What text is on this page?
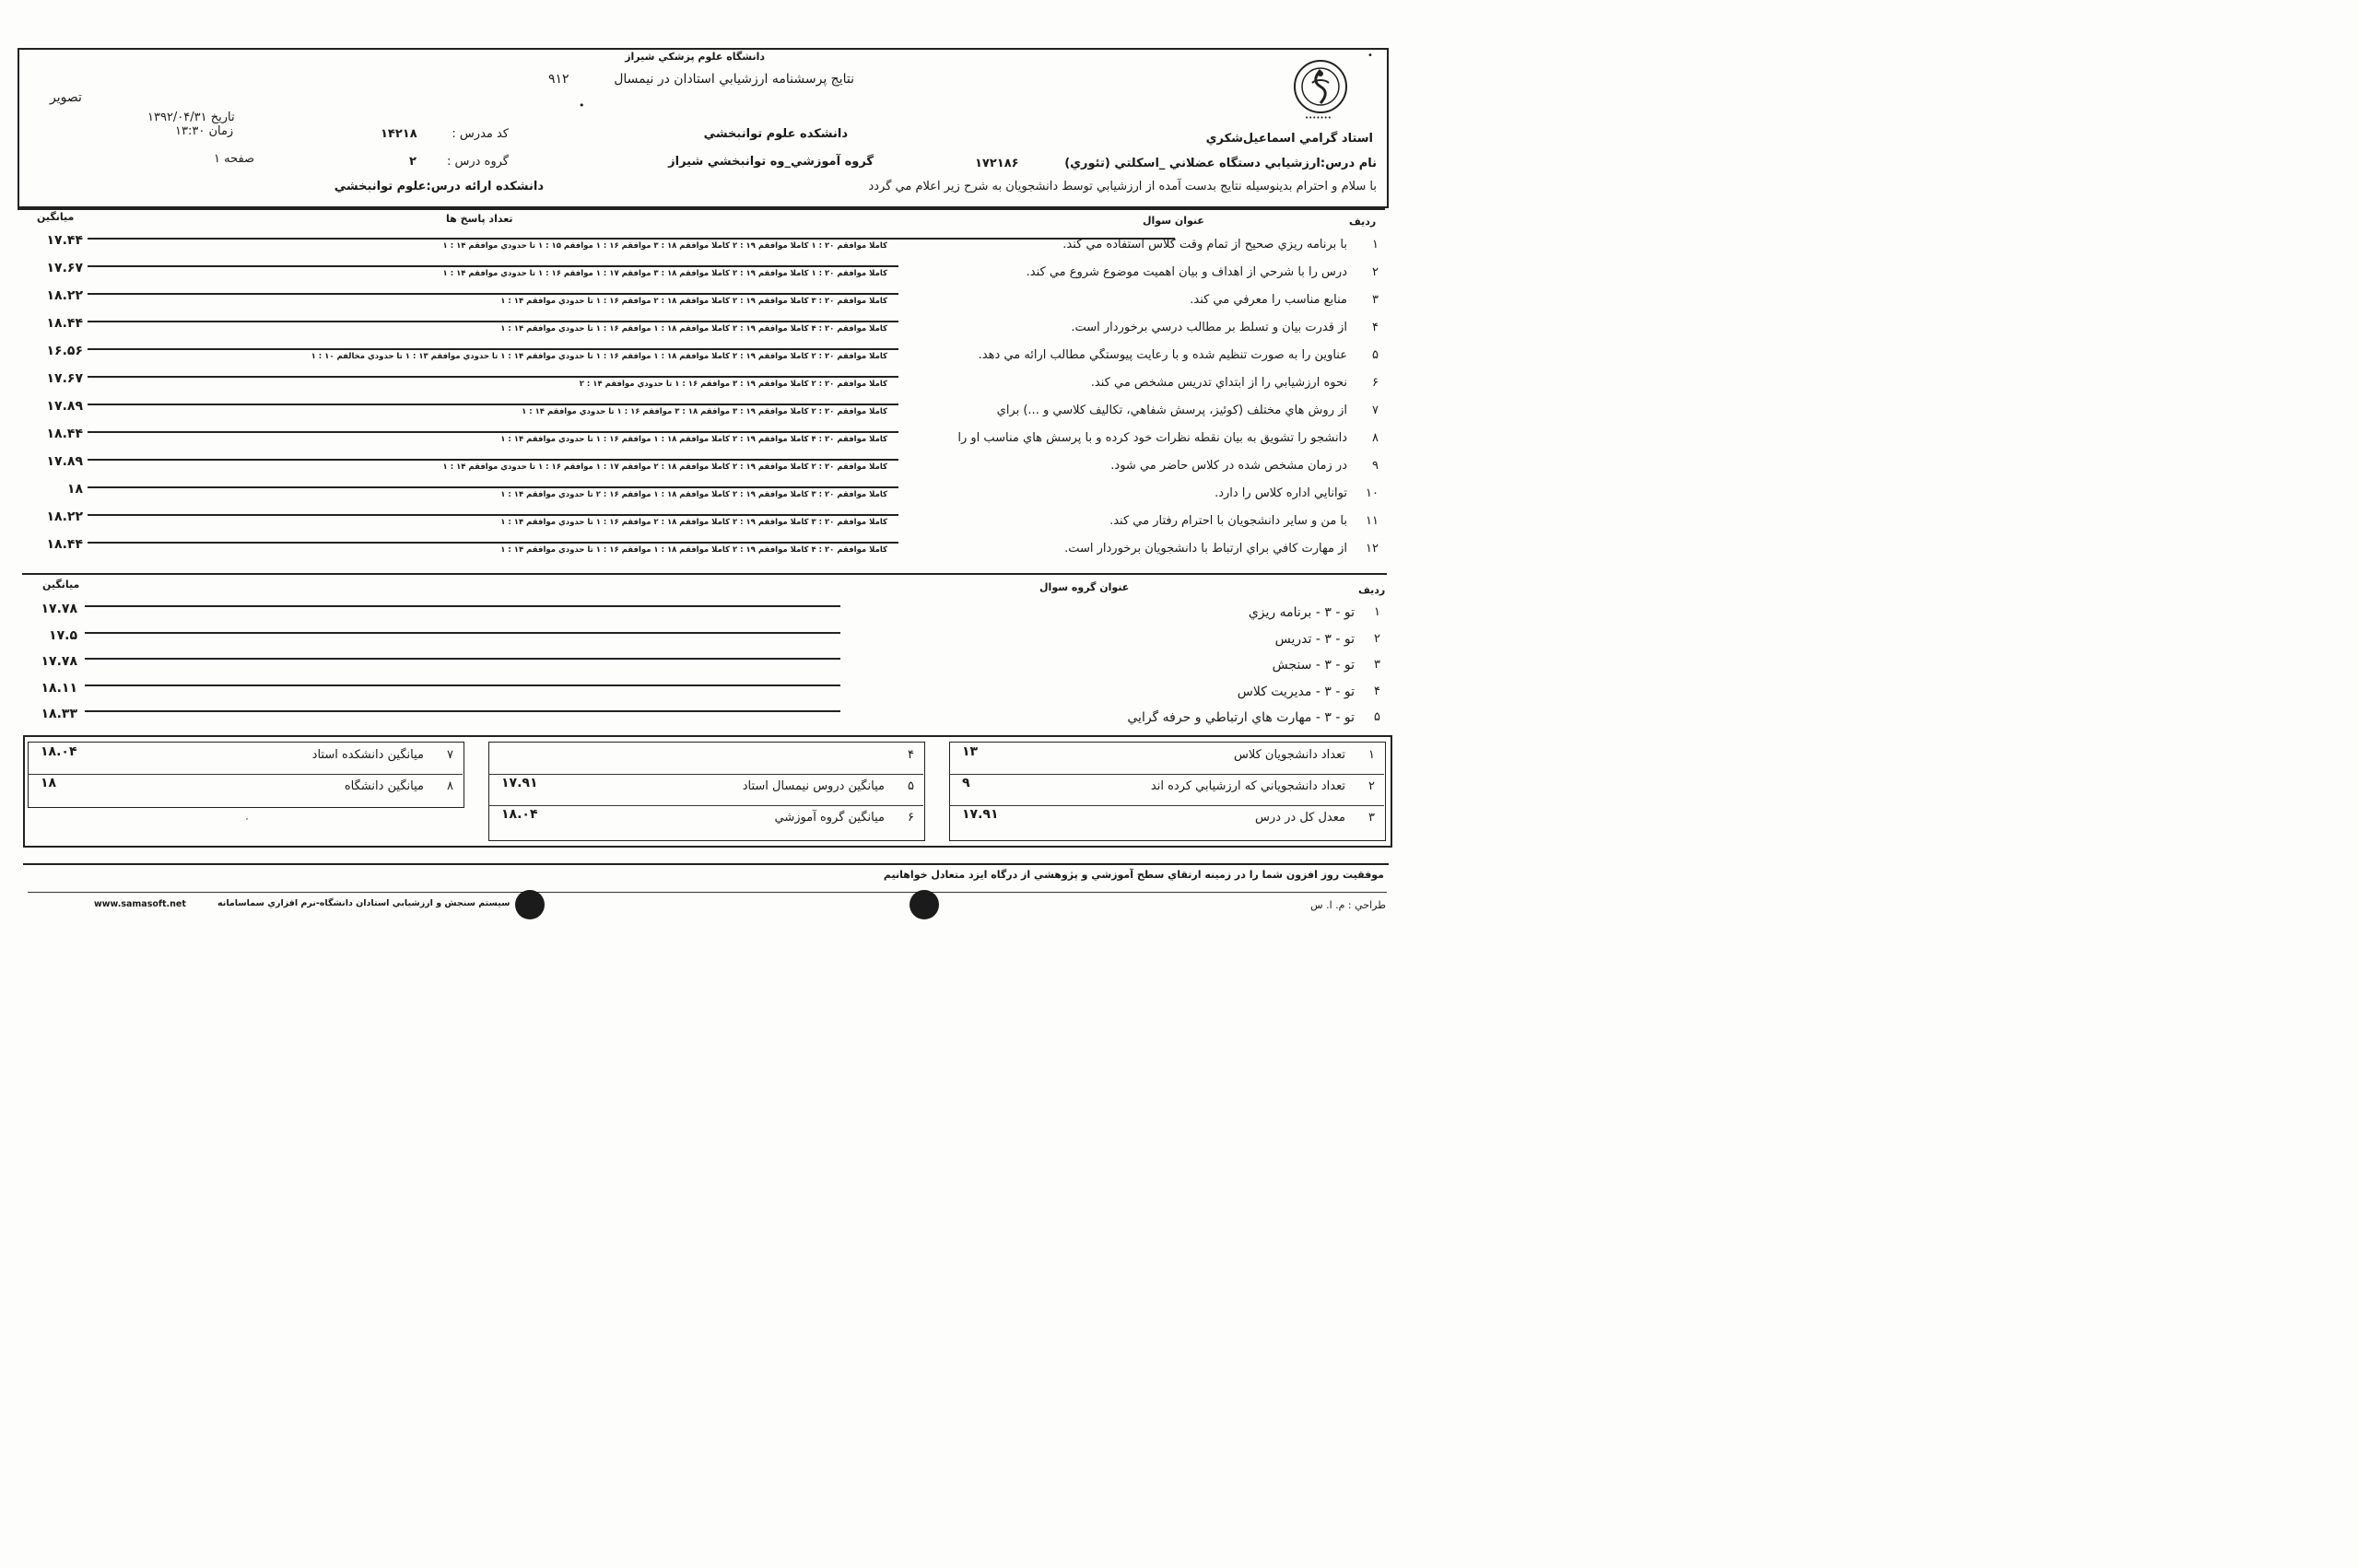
•••••••
•
دانشگاه علوم پزشكي شيراز
نتايج پرسشنامه ارزشيابي استادان در نيمسال
۹۱۲
•
تصوير
تاريخ ۱۳۹۲/۰۴/۳۱
زمان ۱۳:۳۰
صفحه ۱
كد مدرس :
۱۴۲۱۸
گروه درس :
۲
دانشكده ارائه درس:علوم توانبخشي
دانشكده علوم توانبخشي
گروه آموزشي_وه توانبخشي شيراز
استاد گرامي اسماعيل‌شكري
نام درس:ارزشيابي دستگاه عضلاني _اسكلتي (تئوري)
۱۷۲۱۸۶
با سلام و احترام بدينوسيله نتايج بدست آمده از ارزشيابي توسط دانشجويان به شرح زير اعلام مي گردد
ميانگين	تعداد پاسخ ها	عنوان سوال	رديف
۱۷.۴۴	كاملا موافقم ۲۰ : ۱ كاملا موافقم ۱۹ : ۲ كاملا موافقم ۱۸ : ۳ موافقم ۱۶ : ۱ موافقم ۱۵ : ۱ تا حدودي موافقم ۱۴ : ۱	با برنامه ريزي صحيح از تمام وقت كلاس استفاده مي كند.	۱
۱۷.۶۷	كاملا موافقم ۲۰ : ۱ كاملا موافقم ۱۹ : ۲ كاملا موافقم ۱۸ : ۳ موافقم ۱۷ : ۱ موافقم ۱۶ : ۱ تا حدودي موافقم ۱۴ : ۱	درس را با شرحي از اهداف و بيان اهميت موضوع شروع مي كند.	۲
۱۸.۲۲	كاملا موافقم ۲۰ : ۳ كاملا موافقم ۱۹ : ۲ كاملا موافقم ۱۸ : ۲ موافقم ۱۶ : ۱ تا حدودي موافقم ۱۴ : ۱	منابع مناسب را معرفي مي كند.	۳
۱۸.۴۴	كاملا موافقم ۲۰ : ۴ كاملا موافقم ۱۹ : ۲ كاملا موافقم ۱۸ : ۱ موافقم ۱۶ : ۱ تا حدودي موافقم ۱۴ : ۱	از قدرت بيان و تسلط بر مطالب درسي برخوردار است.	۴
۱۶.۵۶	كاملا موافقم ۲۰ : ۲ كاملا موافقم ۱۹ : ۲ كاملا موافقم ۱۸ : ۱ موافقم ۱۶ : ۱ تا حدودي موافقم ۱۴ : ۱ تا حدودي موافقم ۱۳ : ۱ تا حدودي مخالفم ۱۰ : ۱	عناوين را به صورت تنظيم شده و با رعايت پيوستگي مطالب ارائه مي دهد.	۵
۱۷.۶۷	كاملا موافقم ۲۰ : ۲ كاملا موافقم ۱۹ : ۳ موافقم ۱۶ : ۱ تا حدودي موافقم ۱۴ : ۲	نحوه ارزشيابي را از ابتداي تدريس مشخص مي كند.	۶
۱۷.۸۹	كاملا موافقم ۲۰ : ۲ كاملا موافقم ۱۹ : ۳ موافقم ۱۸ : ۳ موافقم ۱۶ : ۱ تا حدودي موافقم ۱۴ : ۱	از روش هاي مختلف (كوئيز، پرسش شفاهي، تكاليف كلاسي و ...) براي	۷
۱۸.۴۴	كاملا موافقم ۲۰ : ۴ كاملا موافقم ۱۹ : ۲ كاملا موافقم ۱۸ : ۱ موافقم ۱۶ : ۱ تا حدودي موافقم ۱۴ : ۱	دانشجو را تشويق به بيان نقطه نظرات خود كرده و با پرسش هاي مناسب او را	۸
۱۷.۸۹	كاملا موافقم ۲۰ : ۲ كاملا موافقم ۱۹ : ۲ كاملا موافقم ۱۸ : ۲ موافقم ۱۷ : ۱ موافقم ۱۶ : ۱ تا حدودي موافقم ۱۴ : ۱	در زمان مشخص شده در كلاس حاضر مي شود.	۹
۱۸	كاملا موافقم ۲۰ : ۳ كاملا موافقم ۱۹ : ۲ كاملا موافقم ۱۸ : ۱ موافقم ۱۶ : ۲ تا حدودي موافقم ۱۴ : ۱	توانايي اداره كلاس را دارد.	۱۰
۱۸.۲۲	كاملا موافقم ۲۰ : ۳ كاملا موافقم ۱۹ : ۲ كاملا موافقم ۱۸ : ۲ موافقم ۱۶ : ۱ تا حدودي موافقم ۱۴ : ۱	با من و ساير دانشجويان با احترام رفتار مي كند.	۱۱
۱۸.۴۴	كاملا موافقم ۲۰ : ۴ كاملا موافقم ۱۹ : ۲ كاملا موافقم ۱۸ : ۱ موافقم ۱۶ : ۱ تا حدودي موافقم ۱۴ : ۱	از مهارت كافي براي ارتباط با دانشجويان برخوردار است.	۱۲
ميانگين	عنوان گروه سوال	رديف
۱۷.۷۸	تو - ۳ - برنامه ريزي	۱
۱۷.۵	تو - ۳ - تدريس	۲
۱۷.۷۸	تو - ۳ - سنجش	۳
۱۸.۱۱	تو - ۳ - مديريت كلاس	۴
۱۸.۳۳	تو - ۳ - مهارت هاي ارتباطي و حرفه گرايي	۵
۱
تعداد دانشجويان كلاس
۱۳
۲
تعداد دانشجوياني كه ارزشيابي كرده اند
۹
۳
معدل كل در درس
۱۷.۹۱
۴
۵
ميانگين دروس نيمسال استاد
۱۷.۹۱
۶
ميانگين گروه آموزشي
۱۸.۰۴
۷
ميانگين دانشكده استاد
۱۸.۰۴
۸
ميانگين دانشگاه
۱۸
٠
موفقيت روز افزون شما را در زمينه ارتقاي سطح آموزشي و پژوهشي از درگاه ايزد متعادل خواهانيم
سيستم سنجش و ارزشيابي استادان دانشگاه-نرم افزاري سماسامانه
www.samasoft.net	طراحي : م. ا. س
